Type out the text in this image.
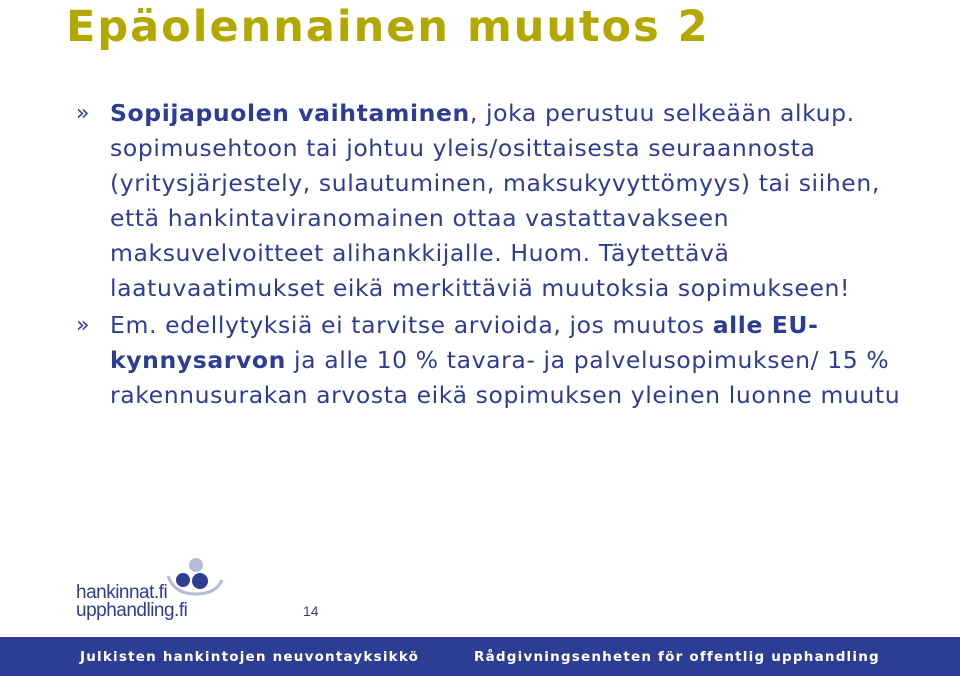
Epäolennainen muutos 2

» Sopijapuolen vaihtaminen, joka perustuu selkeään alkup. sopimusehtoon tai johtuu yleis/osittaisesta seuraannosta (yritysjärjestely, sulautuminen, maksukyvyttömyys) tai siihen, että hankintaviranomainen ottaa vastattavakseen maksuvelvoitteet alihankkijalle. Huom. Täytettävä laatuvaatimukset eikä merkittäviä muutoksia sopimukseen!

» Em. edellytyksiä ei tarvitse arvioida, jos muutos alle EU-kynnysarvon ja alle 10 % tavara- ja palvelusopimuksen/ 15 % rakennusurakan arvosta eikä sopimuksen yleinen luonne muutu

hankinnat.fi
upphandling.fi	14
Julkisten hankintojen neuvontayksikkö	Rådgivningsenheten för offentlig upphandling
